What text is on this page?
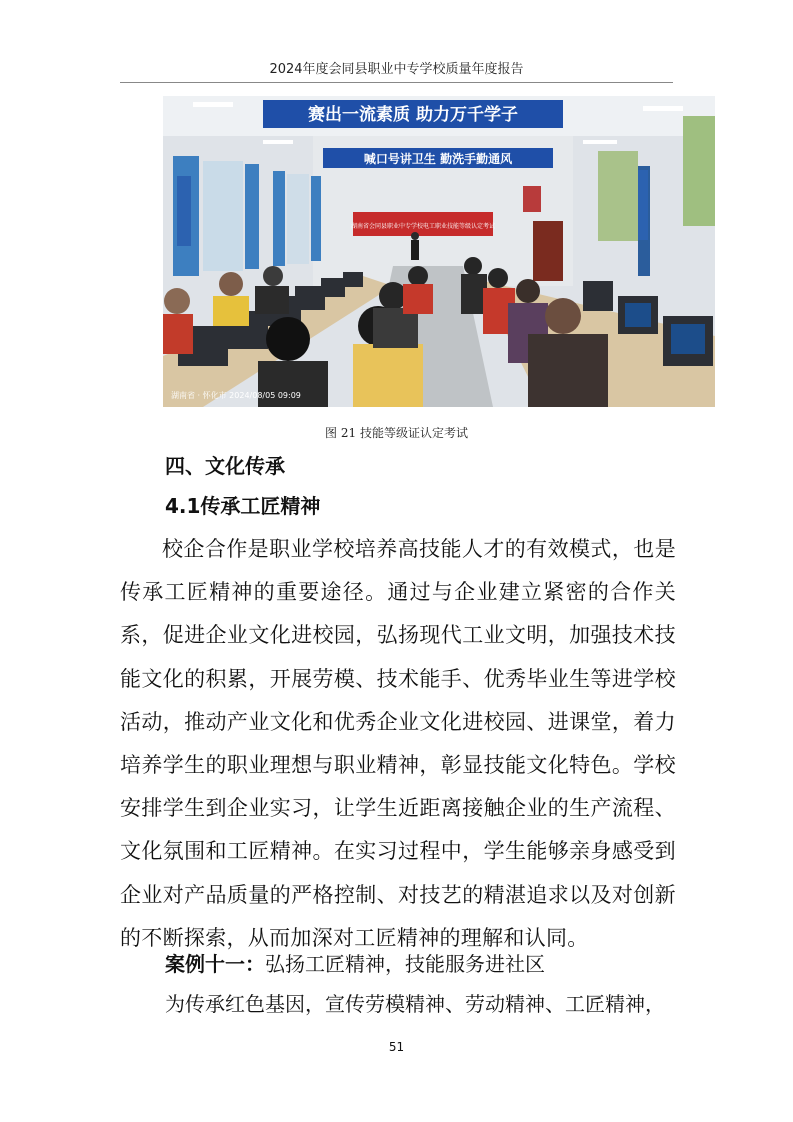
2024年度会同县职业中专学校质量年度报告
赛出一流素质 助力万千学子
喊口号讲卫生 勤洗手勤通风
湖南省会同县职业中专学校电工职业技能等级认定考试
湖南省 · 怀化市 2024/08/05 09:09
图 21 技能等级证认定考试
四、文化传承
4.1传承工匠精神

校企合作是职业学校培养高技能人才的有效模式，也是传承工匠精神的重要途径。通过与企业建立紧密的合作关系，促进企业文化进校园，弘扬现代工业文明，加强技术技能文化的积累，开展劳模、技术能手、优秀毕业生等进学校活动，推动产业文化和优秀企业文化进校园、进课堂，着力培养学生的职业理想与职业精神，彰显技能文化特色。学校安排学生到企业实习，让学生近距离接触企业的生产流程、文化氛围和工匠精神。在实习过程中，学生能够亲身感受到企业对产品质量的严格控制、对技艺的精湛追求以及对创新的不断探索，从而加深对工匠精神的理解和认同。

案例十一：弘扬工匠精神，技能服务进社区
为传承红色基因，宣传劳模精神、劳动精神、工匠精神，
51
